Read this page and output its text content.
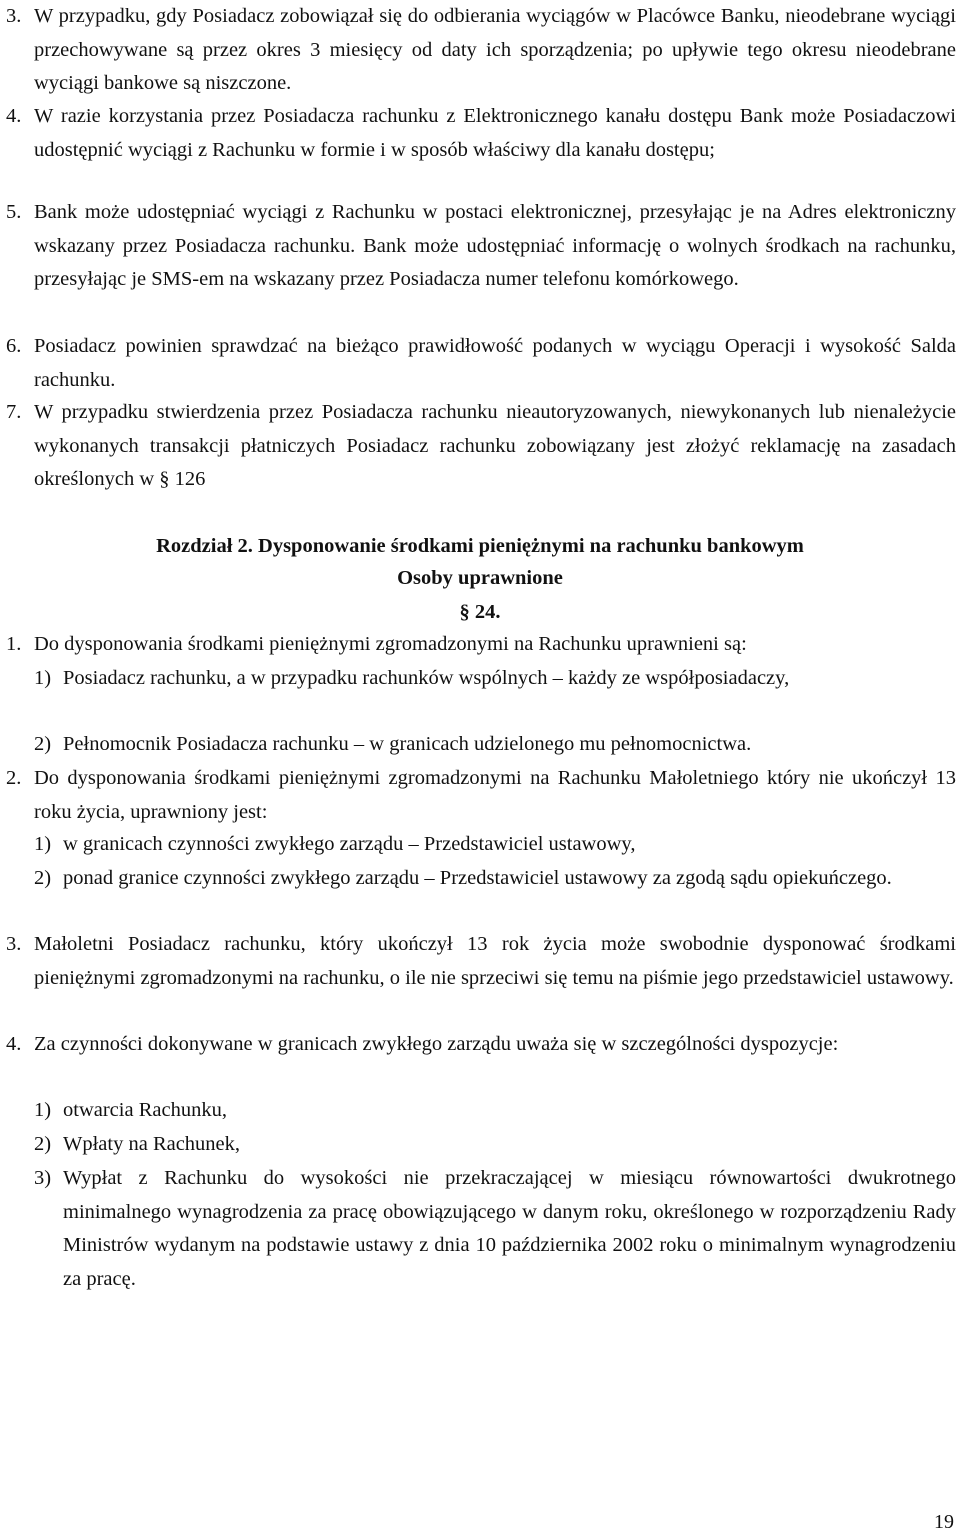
3. W przypadku, gdy Posiadacz zobowiązał się do odbierania wyciągów w Placówce Banku, nieodebrane wyciągi przechowywane są przez okres 3 miesięcy od daty ich sporządzenia; po upływie tego okresu nieodebrane wyciągi bankowe są niszczone.

4. W razie korzystania przez Posiadacza rachunku z Elektronicznego kanału dostępu Bank może Posiadaczowi udostępnić wyciągi z Rachunku w formie i w sposób właściwy dla kanału dostępu;

5. Bank może udostępniać wyciągi z Rachunku w postaci elektronicznej, przesyłając je na Adres elektroniczny wskazany przez Posiadacza rachunku. Bank może udostępniać informację o wolnych środkach na rachunku, przesyłając je SMS-em na wskazany przez Posiadacza numer telefonu komórkowego.

6. Posiadacz powinien sprawdzać na bieżąco prawidłowość podanych w wyciągu Operacji i wysokość Salda rachunku.

7. W przypadku stwierdzenia przez Posiadacza rachunku nieautoryzowanych, niewykonanych lub nienależycie wykonanych transakcji płatniczych Posiadacz rachunku zobowiązany jest złożyć reklamację na zasadach określonych w § 126

Rozdział 2. Dysponowanie środkami pieniężnymi na rachunku bankowym

Osoby uprawnione

§ 24.

1. Do dysponowania środkami pieniężnymi zgromadzonymi na Rachunku uprawnieni są:

1) Posiadacz rachunku, a w przypadku rachunków wspólnych – każdy ze współposiadaczy,

2) Pełnomocnik Posiadacza rachunku – w granicach udzielonego mu pełnomocnictwa.

2. Do dysponowania środkami pieniężnymi zgromadzonymi na Rachunku Małoletniego który nie ukończył 13 roku życia, uprawniony jest:

1) w granicach czynności zwykłego zarządu – Przedstawiciel ustawowy,

2) ponad granice czynności zwykłego zarządu – Przedstawiciel ustawowy za zgodą sądu opiekuńczego.

3. Małoletni Posiadacz rachunku, który ukończył 13 rok życia może swobodnie dysponować środkami pieniężnymi zgromadzonymi na rachunku, o ile nie sprzeciwi się temu na piśmie jego przedstawiciel ustawowy.

4. Za czynności dokonywane w granicach zwykłego zarządu uważa się w szczególności dyspozycje:

1) otwarcia Rachunku,

2) Wpłaty na Rachunek,

3) Wypłat z Rachunku do wysokości nie przekraczającej w miesiącu równowartości dwukrotnego minimalnego wynagrodzenia za pracę obowiązującego w danym roku, określonego w rozporządzeniu Rady Ministrów wydanym na podstawie ustawy z dnia 10 października 2002 roku o minimalnym wynagrodzeniu za pracę.

19
